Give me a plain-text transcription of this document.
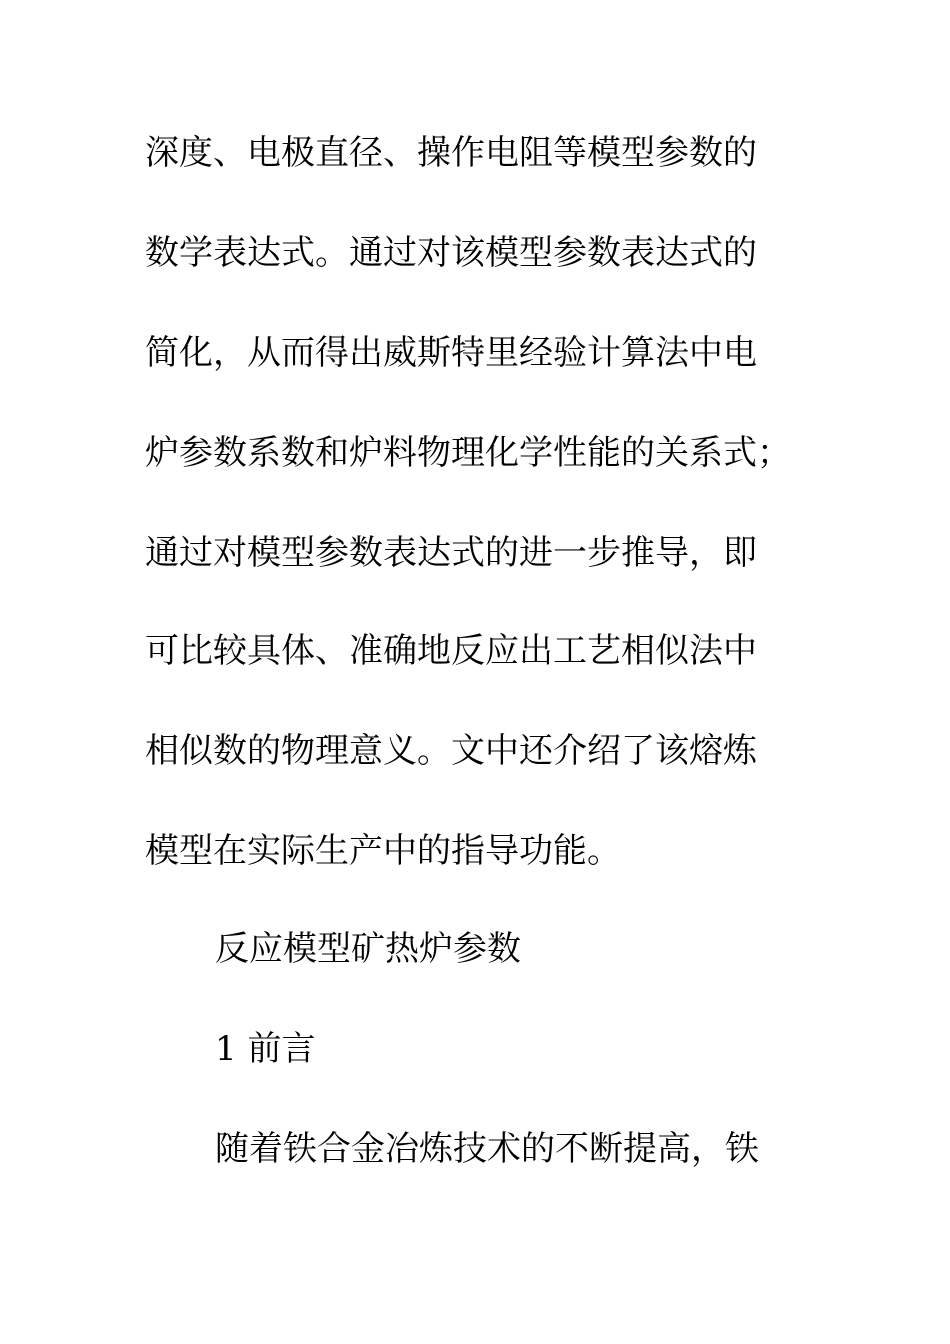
深度、电极直径、操作电阻等模型参数的
数学表达式。通过对该模型参数表达式的
简化，从而得出威斯特里经验计算法中电
炉参数系数和炉料物理化学性能的关系式；
通过对模型参数表达式的进一步推导，即
可比较具体、准确地反应出工艺相似法中
相似数的物理意义。文中还介绍了该熔炼
模型在实际生产中的指导功能。
反应模型矿热炉参数
1 前言
随着铁合金冶炼技术的不断提高，铁
